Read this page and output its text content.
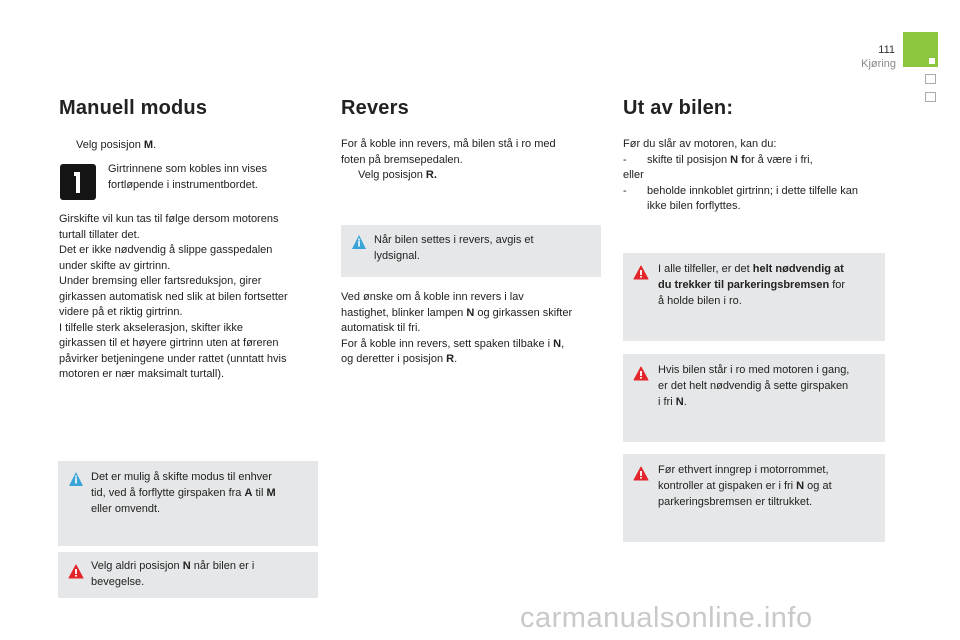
111
Kjøring
Manuell modus
Velg posisjon M.
Girtrinnene som kobles inn vises
fortløpende i instrumentbordet.
Girskifte vil kun tas til følge dersom motorens
turtall tillater det.
Det er ikke nødvendig å slippe gasspedalen
under skifte av girtrinn.
Under bremsing eller fartsreduksjon, girer
girkassen automatisk ned slik at bilen fortsetter
videre på et riktig girtrinn.
I tilfelle sterk akselerasjon, skifter ikke
girkassen til et høyere girtrinn uten at føreren
påvirker betjeningene under rattet (unntatt hvis
motoren er nær maksimalt turtall).
Det er mulig å skifte modus til enhver
tid, ved å forflytte girspaken fra A til M
eller omvendt.
Velg aldri posisjon N når bilen er i
bevegelse.
Revers
For å koble inn revers, må bilen stå i ro med
foten på bremsepedalen.
Velg posisjon R.
Når bilen settes i revers, avgis et
lydsignal.
Ved ønske om å koble inn revers i lav
hastighet, blinker lampen N og girkassen skifter
automatisk til fri.
For å koble inn revers, sett spaken tilbake i N,
og deretter i posisjon R.
Ut av bilen:
Før du slår av motoren, kan du:
-	skifte til posisjon N for å være i fri,
eller
-	beholde innkoblet girtrinn; i dette tilfelle kan
ikke bilen forflyttes.
I alle tilfeller, er det helt nødvendig at
du trekker til parkeringsbremsen for
å holde bilen i ro.
Hvis bilen står i ro med motoren i gang,
er det helt nødvendig å sette girspaken
i fri N.
Før ethvert inngrep i motorrommet,
kontroller at gispaken er i fri N og at
parkeringsbremsen er tiltrukket.
carmanualsonline.info
